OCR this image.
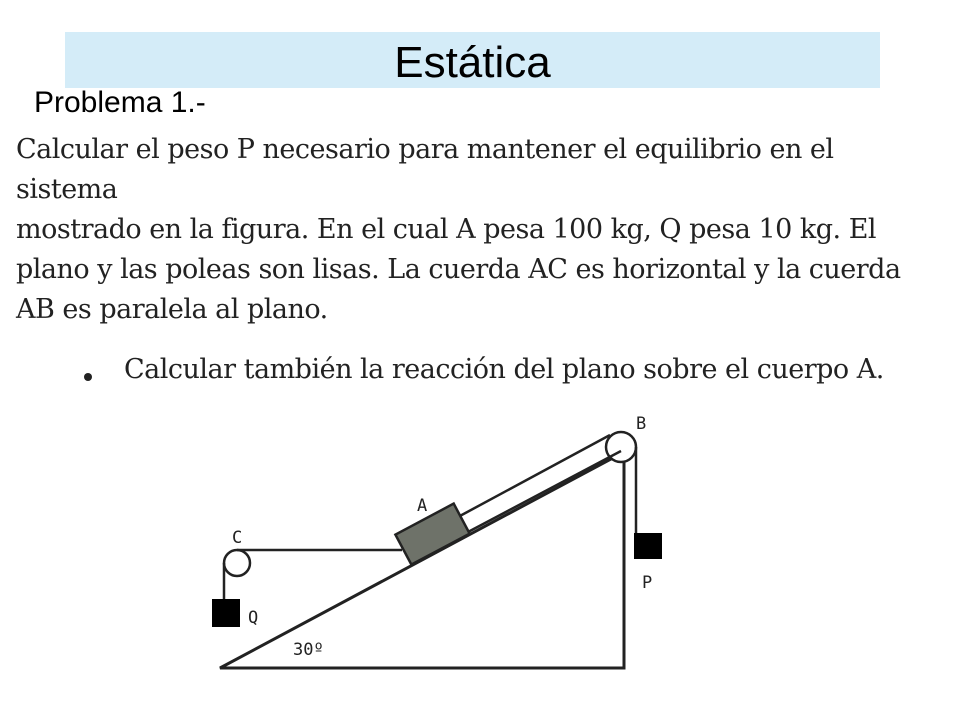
Estática
Problema 1.-

Calcular el peso P necesario para mantener el equilibrio en el sistema
mostrado en la figura. En el cual A pesa 100 kg, Q pesa 10 kg. El
plano y las poleas son lisas. La cuerda AC es horizontal y la cuerda
AB es paralela al plano.

Calcular también la reacción del plano sobre el cuerpo A.

B
A
C
P
Q
30º
